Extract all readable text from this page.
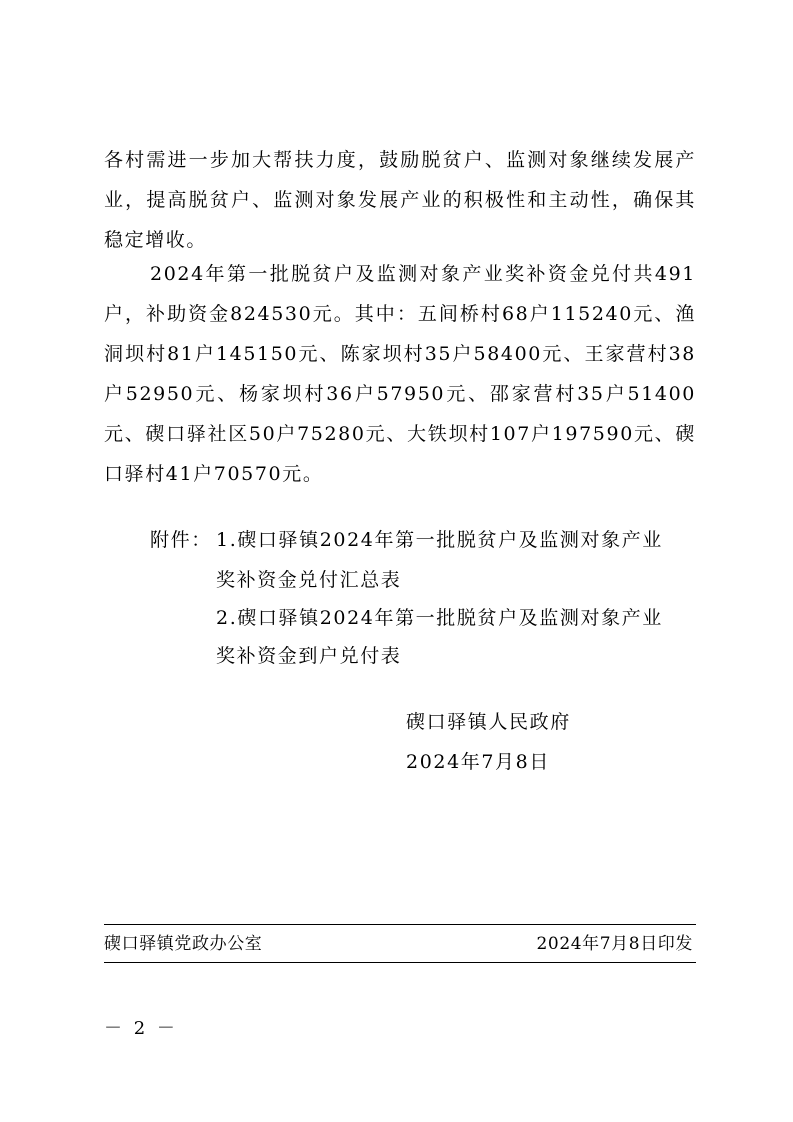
各村需进一步加大帮扶力度，鼓励脱贫户、监测对象继续发展产业，提高脱贫户、监测对象发展产业的积极性和主动性，确保其稳定增收。

2024年第一批脱贫户及监测对象产业奖补资金兑付共491户，补助资金824530元。其中：五间桥村68户115240元、渔洞坝村81户145150元、陈家坝村35户58400元、王家营村38户52950元、杨家坝村36户57950元、邵家营村35户51400元、碶口驿社区50户75280元、大铁坝村107户197590元、碶口驿村41户70570元。

附件： 1.碶口驿镇2024年第一批脱贫户及监测对象产业
奖补资金兑付汇总表
2.碶口驿镇2024年第一批脱贫户及监测对象产业
奖补资金到户兑付表
碶口驿镇人民政府
2024年7月8日
碶口驿镇党政办公室	2024年7月8日印发
－ 2 －
